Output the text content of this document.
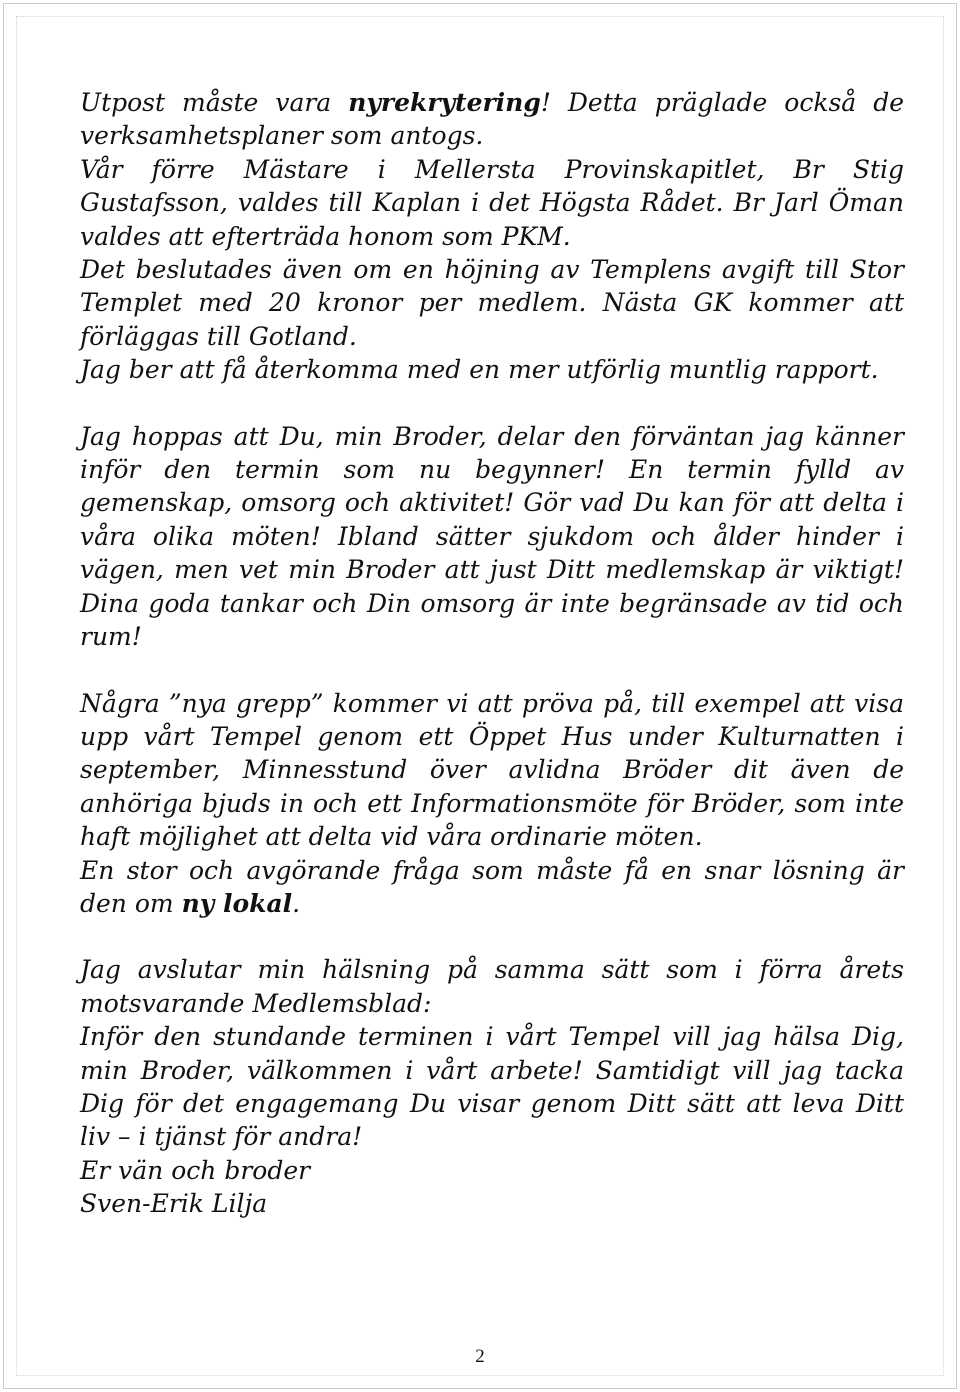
Utpost måste vara nyrekrytering! Detta präglade också de verksamhetsplaner som antogs.

Vår förre Mästare i Mellersta Provinskapitlet, Br Stig Gustafsson, valdes till Kaplan i det Högsta Rådet. Br Jarl Öman valdes att efterträda honom som PKM.

Det beslutades även om en höjning av Templens avgift till Stor Templet med 20 kronor per medlem. Nästa GK kommer att förläggas till Gotland.

Jag ber att få återkomma med en mer utförlig muntlig rapport.

Jag hoppas att Du, min Broder, delar den förväntan jag känner inför den termin som nu begynner! En termin fylld av gemenskap, omsorg och aktivitet! Gör vad Du kan för att delta i våra olika möten! Ibland sätter sjukdom och ålder hinder i vägen, men vet min Broder att just Ditt medlemskap är viktigt! Dina goda tankar och Din omsorg är inte begränsade av tid och rum!

Några ”nya grepp” kommer vi att pröva på, till exempel att visa upp vårt Tempel genom ett Öppet Hus under Kulturnatten i september, Minnesstund över avlidna Bröder dit även de anhöriga bjuds in och ett Informationsmöte för Bröder, som inte haft möjlighet att delta vid våra ordinarie möten.

En stor och avgörande fråga som måste få en snar lösning är den om ny lokal.

Jag avslutar min hälsning på samma sätt som i förra årets motsvarande Medlemsblad:

Inför den stundande terminen i vårt Tempel vill jag hälsa Dig, min Broder, välkommen i vårt arbete! Samtidigt vill jag tacka Dig för det engagemang Du visar genom Ditt sätt att leva Ditt liv – i tjänst för andra!

Er vän och broder

Sven-Erik Lilja

2
